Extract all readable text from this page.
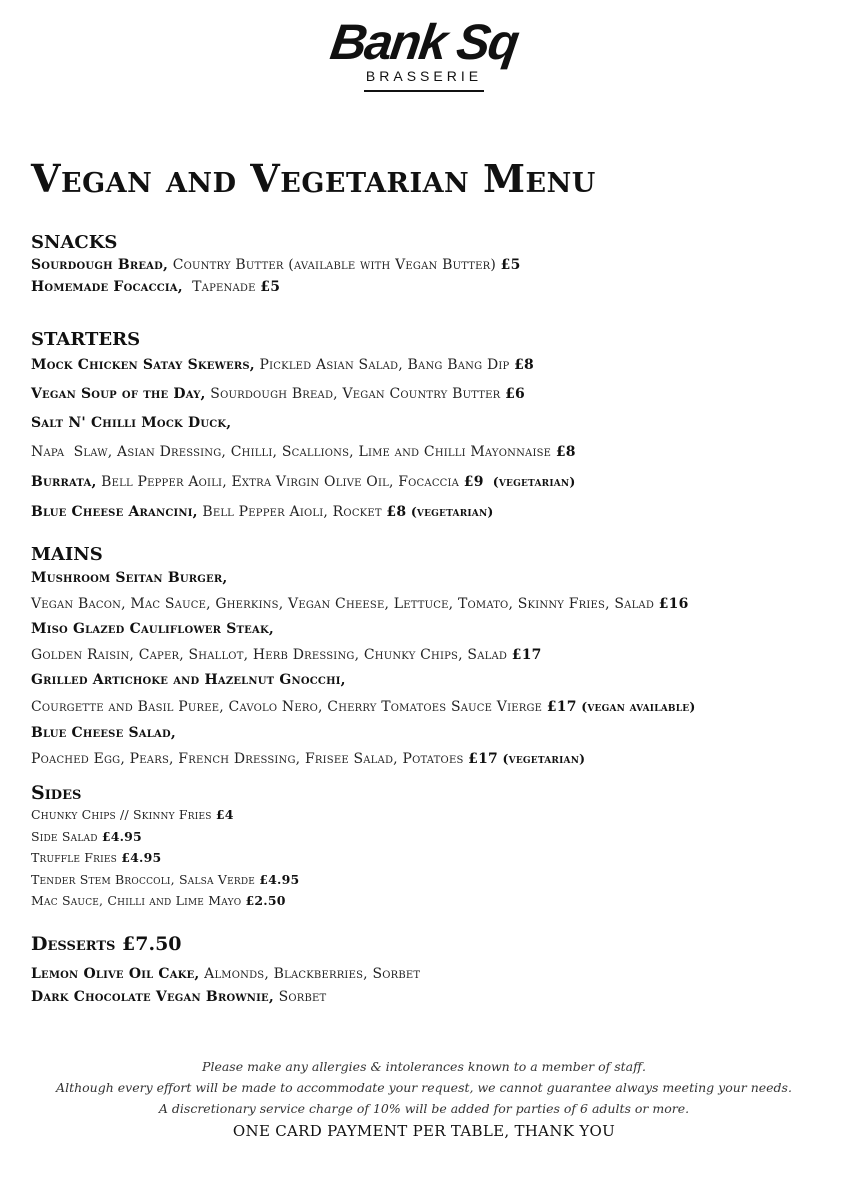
Bank Sq
BRASSERIE
Vegan and Vegetarian Menu
SNACKS
Sourdough Bread, Country Butter (available with Vegan Butter) £5
Homemade Focaccia,  Tapenade £5
STARTERS
Mock Chicken Satay Skewers, Pickled Asian Salad, Bang Bang Dip £8
Vegan Soup of the Day, Sourdough Bread, Vegan Country Butter £6
Salt N' Chilli Mock Duck,
Napa  Slaw, Asian Dressing, Chilli, Scallions, Lime and Chilli Mayonnaise £8
Burrata, Bell Pepper Aoili, Extra Virgin Olive Oil, Focaccia £9  (vegetarian)
Blue Cheese Arancini, Bell Pepper Aioli, Rocket £8 (vegetarian)
MAINS
Mushroom Seitan Burger,
Vegan Bacon, Mac Sauce, Gherkins, Vegan Cheese, Lettuce, Tomato, Skinny Fries, Salad £16
Miso Glazed Cauliflower Steak,
Golden Raisin, Caper, Shallot, Herb Dressing, Chunky Chips, Salad £17
Grilled Artichoke and Hazelnut Gnocchi,
Courgette and Basil Puree, Cavolo Nero, Cherry Tomatoes Sauce Vierge £17 (vegan available)
Blue Cheese Salad,
Poached Egg, Pears, French Dressing, Frisee Salad, Potatoes £17 (vegetarian)
Sides
Chunky Chips // Skinny Fries £4
Side Salad £4.95
Truffle Fries £4.95
Tender Stem Broccoli, Salsa Verde £4.95
Mac Sauce, Chilli and Lime Mayo £2.50
Desserts £7.50
Lemon Olive Oil Cake, Almonds, Blackberries, Sorbet
Dark Chocolate Vegan Brownie, Sorbet
Please make any allergies & intolerances known to a member of staff.
Although every effort will be made to accommodate your request, we cannot guarantee always meeting your needs.
A discretionary service charge of 10% will be added for parties of 6 adults or more.
ONE CARD PAYMENT PER TABLE, THANK YOU
